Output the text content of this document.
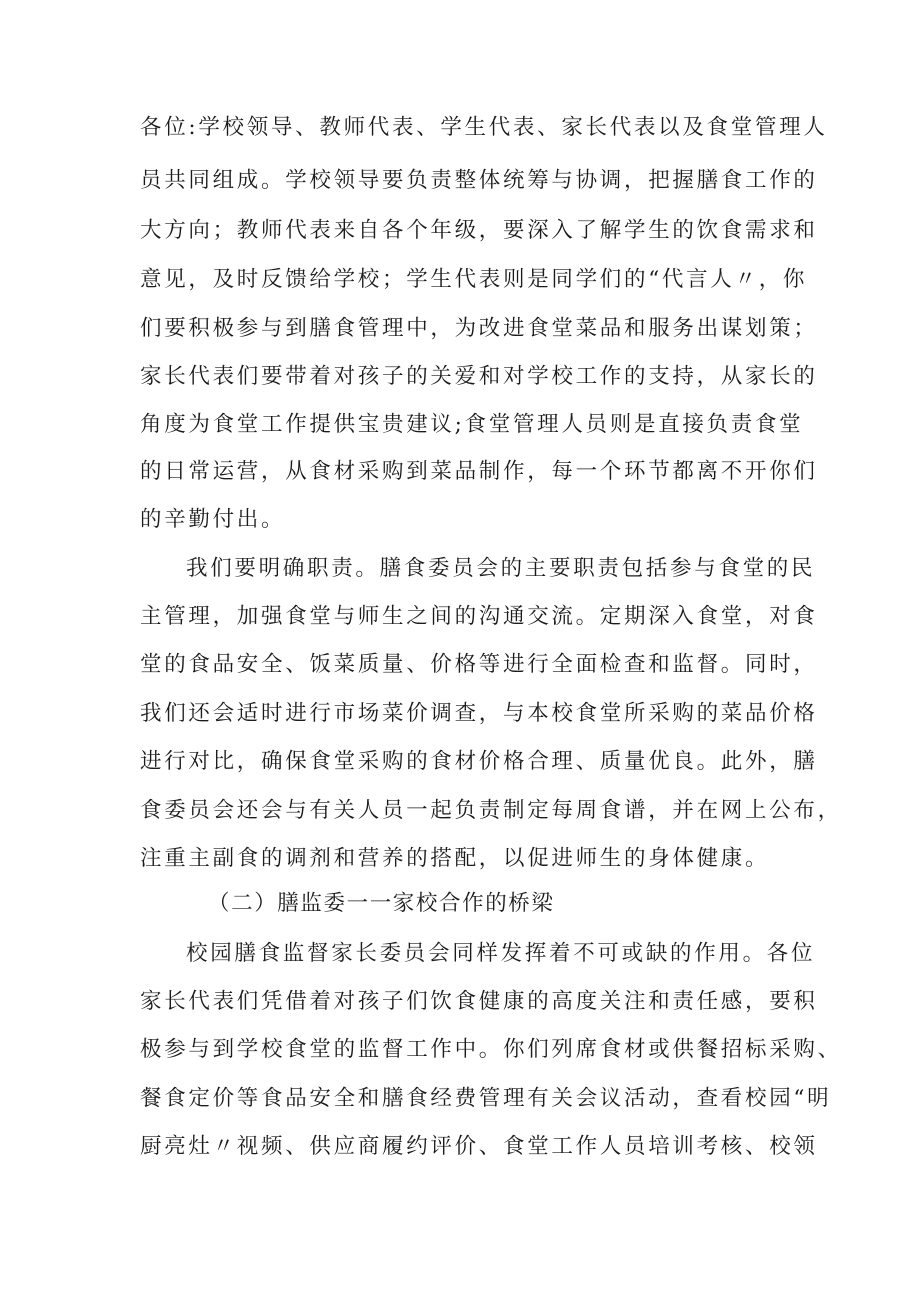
各位:学校领导、教师代表、学生代表、家长代表以及食堂管理人
员共同组成。学校领导要负责整体统筹与协调，把握膳食工作的
大方向；教师代表来自各个年级，要深入了解学生的饮食需求和
意见，及时反馈给学校；学生代表则是同学们的“代言人〃，你
们要积极参与到膳食管理中，为改进食堂菜品和服务出谋划策；
家长代表们要带着对孩子的关爱和对学校工作的支持，从家长的
角度为食堂工作提供宝贵建议;食堂管理人员则是直接负责食堂
的日常运营，从食材采购到菜品制作，每一个环节都离不开你们
的辛勤付出。
我们要明确职责。膳食委员会的主要职责包括参与食堂的民
主管理，加强食堂与师生之间的沟通交流。定期深入食堂，对食
堂的食品安全、饭菜质量、价格等进行全面检查和监督。同时，
我们还会适时进行市场菜价调查，与本校食堂所采购的菜品价格
进行对比，确保食堂采购的食材价格合理、质量优良。此外，膳
食委员会还会与有关人员一起负责制定每周食谱，并在网上公布，
注重主副食的调剂和营养的搭配，以促进师生的身体健康。
（二）膳监委一一家校合作的桥梁
校园膳食监督家长委员会同样发挥着不可或缺的作用。各位
家长代表们凭借着对孩子们饮食健康的高度关注和责任感，要积
极参与到学校食堂的监督工作中。你们列席食材或供餐招标采购、
餐食定价等食品安全和膳食经费管理有关会议活动，查看校园“明
厨亮灶〃视频、供应商履约评价、食堂工作人员培训考核、校领
